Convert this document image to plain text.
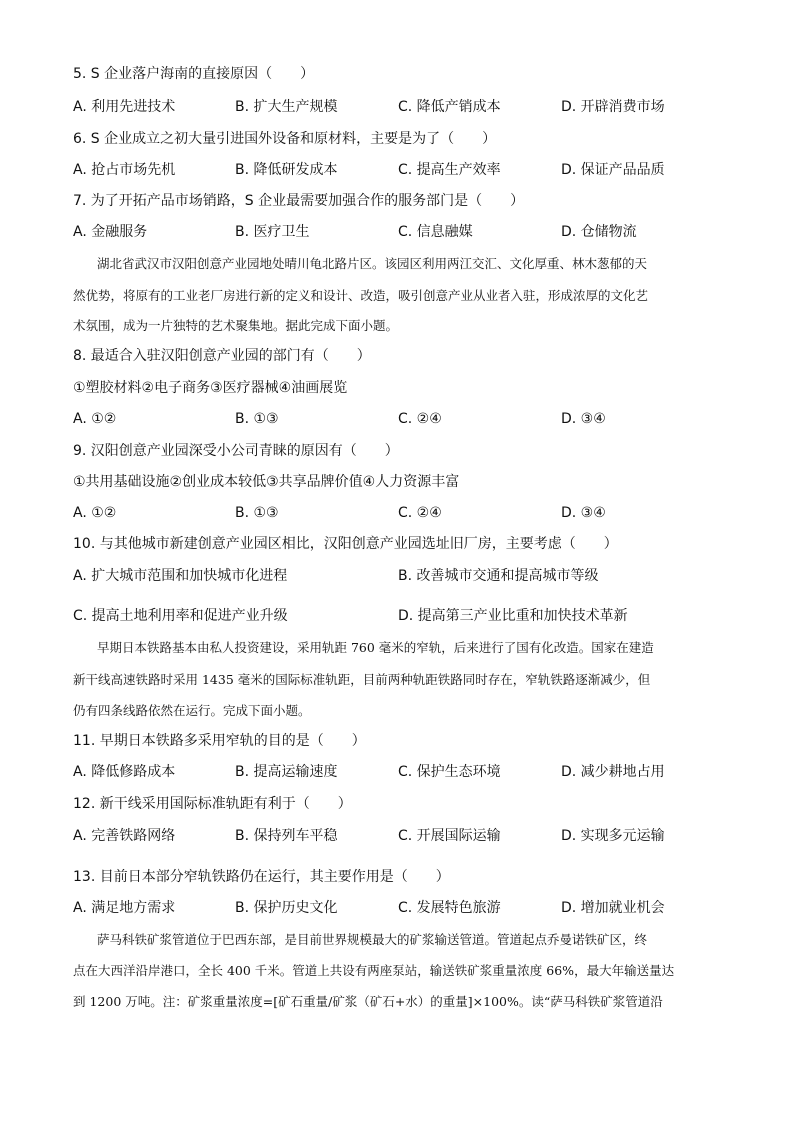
5. S 企业落户海南的直接原因（　　）
A. 利用先进技术	B. 扩大生产规模	C. 降低产销成本	D. 开辟消费市场
6. S 企业成立之初大量引进国外设备和原材料，主要是为了（　　）
A. 抢占市场先机	B. 降低研发成本	C. 提高生产效率	D. 保证产品品质
7. 为了开拓产品市场销路，S 企业最需要加强合作的服务部门是（　　）
A. 金融服务	B. 医疗卫生	C. 信息融媒	D. 仓储物流
湖北省武汉市汉阳创意产业园地处晴川龟北路片区。该园区利用两江交汇、文化厚重、林木葱郁的天
然优势，将原有的工业老厂房进行新的定义和设计、改造，吸引创意产业从业者入驻，形成浓厚的文化艺
术氛围，成为一片独特的艺术聚集地。据此完成下面小题。
8. 最适合入驻汉阳创意产业园的部门有（　　）
①塑胶材料②电子商务③医疗器械④油画展览
A. ①②	B. ①③	C. ②④	D. ③④
9. 汉阳创意产业园深受小公司青睐的原因有（　　）
①共用基础设施②创业成本较低③共享品牌价值④人力资源丰富
A. ①②	B. ①③	C. ②④	D. ③④
10. 与其他城市新建创意产业园区相比，汉阳创意产业园选址旧厂房，主要考虑（　　）
A. 扩大城市范围和加快城市化进程	B. 改善城市交通和提高城市等级
C. 提高土地利用率和促进产业升级	D. 提高第三产业比重和加快技术革新
早期日本铁路基本由私人投资建设，采用轨距 760 毫米的窄轨，后来进行了国有化改造。国家在建造
新干线高速铁路时采用 1435 毫米的国际标准轨距，目前两种轨距铁路同时存在，窄轨铁路逐渐减少，但
仍有四条线路依然在运行。完成下面小题。
11. 早期日本铁路多采用窄轨的目的是（　　）
A. 降低修路成本	B. 提高运输速度	C. 保护生态环境	D. 减少耕地占用
12. 新干线采用国际标准轨距有利于（　　）
A. 完善铁路网络	B. 保持列车平稳	C. 开展国际运输	D. 实现多元运输
13. 目前日本部分窄轨铁路仍在运行，其主要作用是（　　）
A. 满足地方需求	B. 保护历史文化	C. 发展特色旅游	D. 增加就业机会
萨马科铁矿浆管道位于巴西东部，是目前世界规模最大的矿浆输送管道。管道起点乔曼诺铁矿区，终
点在大西洋沿岸港口，全长 400 千米。管道上共设有两座泵站，输送铁矿浆重量浓度 66%，最大年输送量达
到 1200 万吨。注：矿浆重量浓度=[矿石重量/矿浆（矿石+水）的重量]×100%。读“萨马科铁矿浆管道沿
